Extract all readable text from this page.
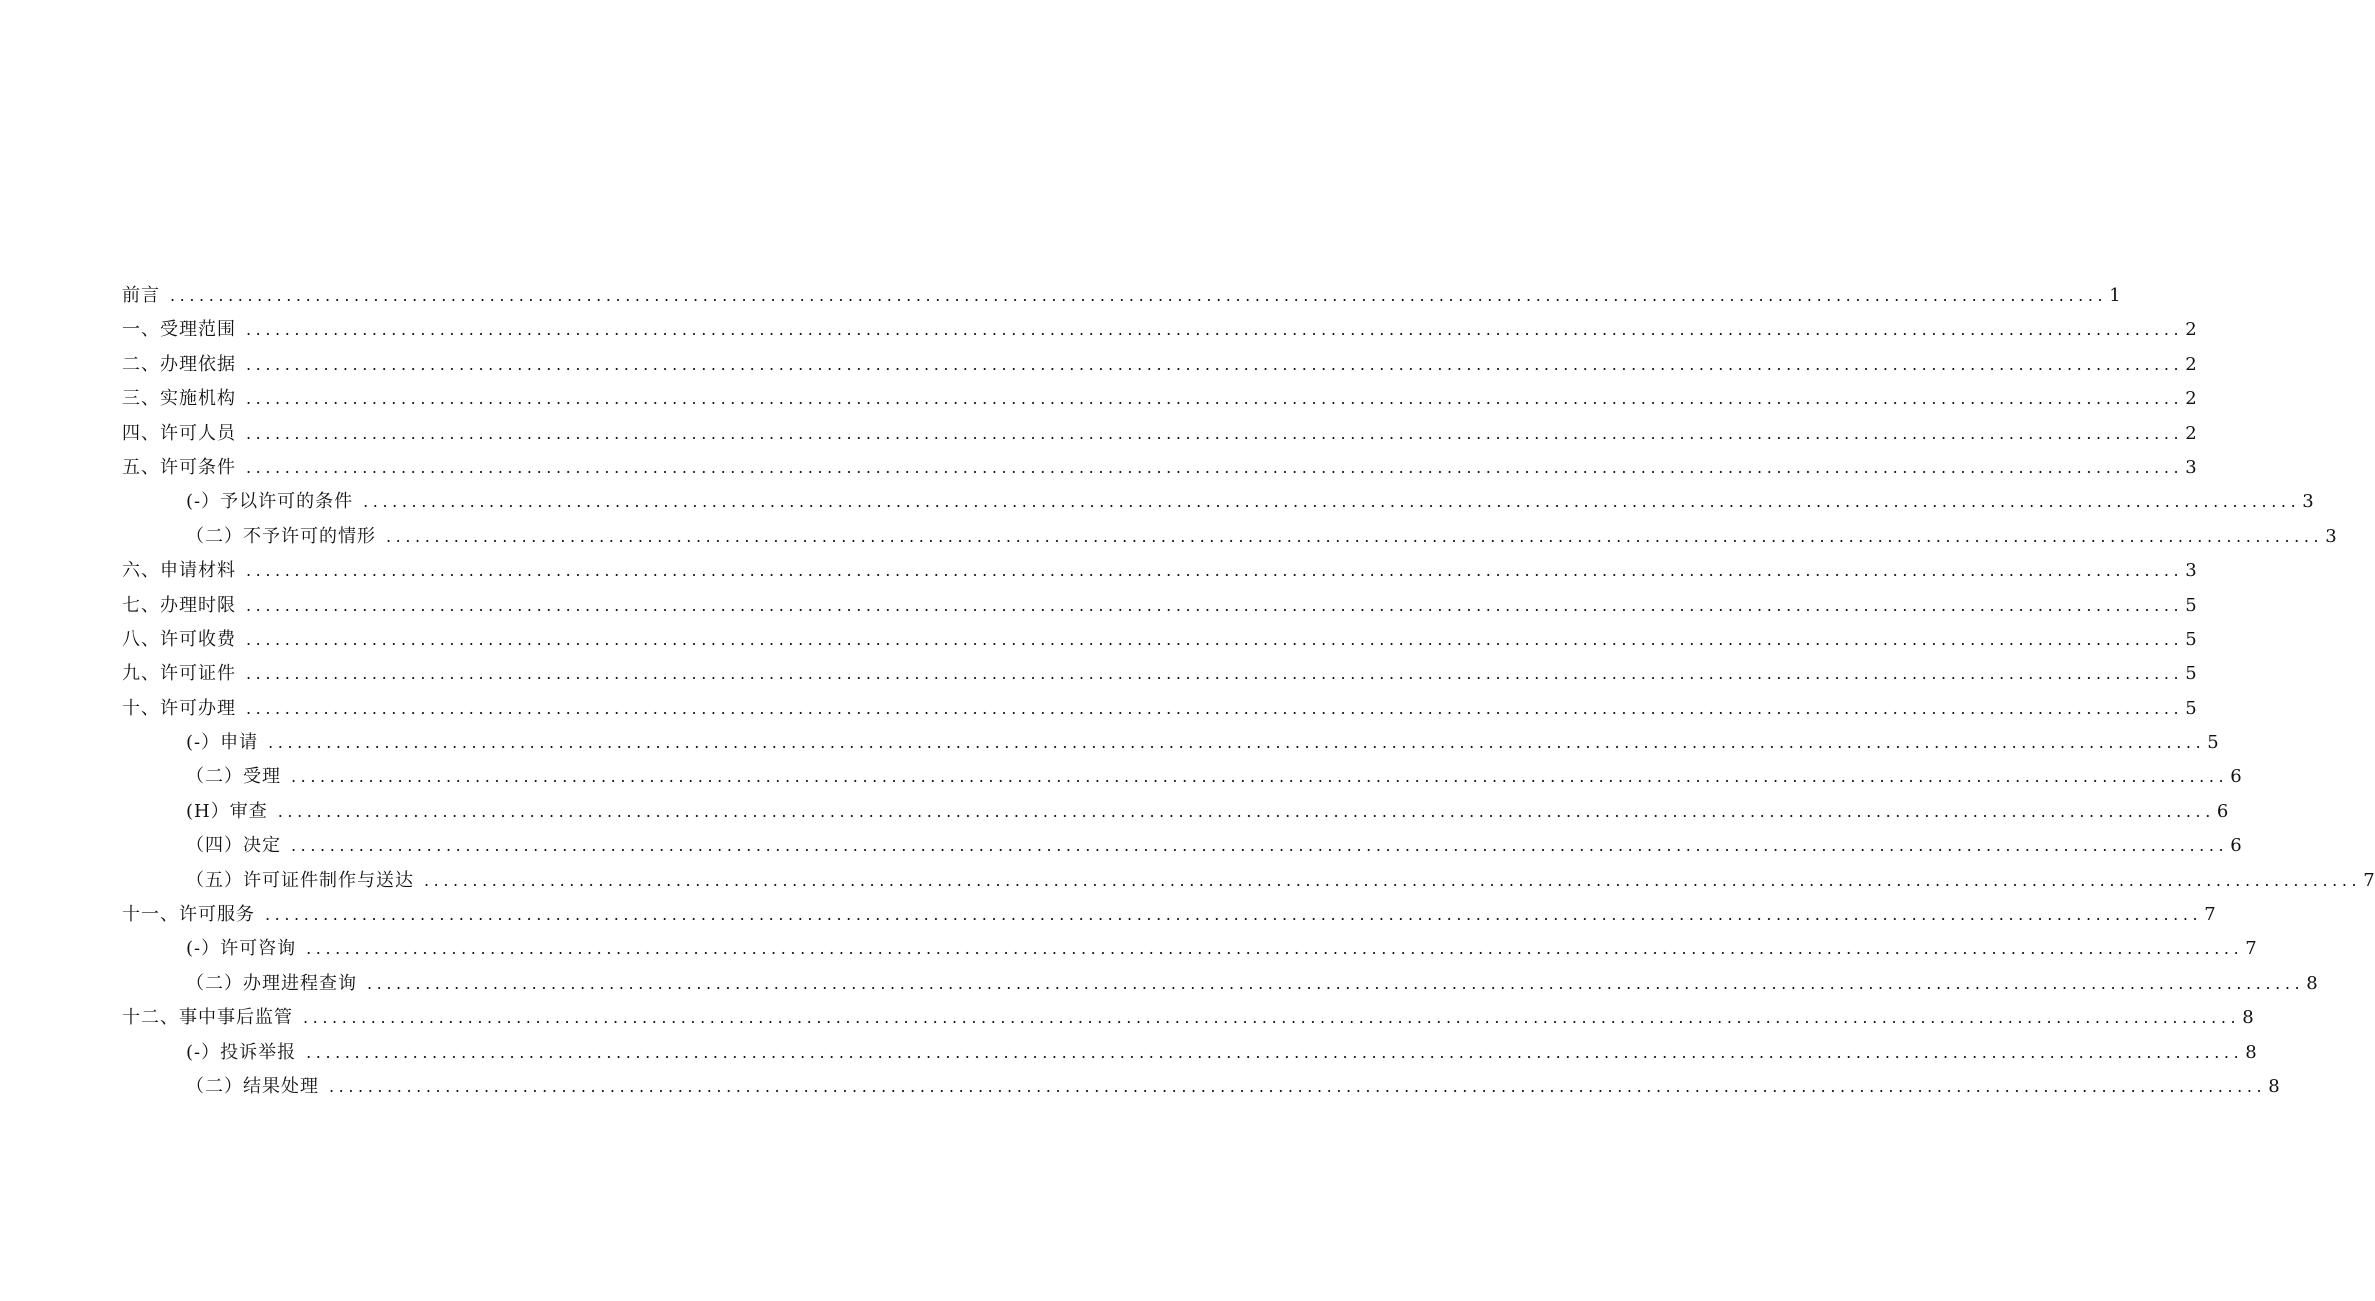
前言 ........................................................................................................................................................................................................ 1
一、受理范围 ........................................................................................................................................................................................................ 2
二、办理依据 ........................................................................................................................................................................................................ 2
三、实施机构 ........................................................................................................................................................................................................ 2
四、许可人员 ........................................................................................................................................................................................................ 2
五、许可条件 ........................................................................................................................................................................................................ 3
(-）予以许可的条件 ........................................................................................................................................................................................................ 3
（二）不予许可的情形 ........................................................................................................................................................................................................ 3
六、申请材料 ........................................................................................................................................................................................................ 3
七、办理时限 ........................................................................................................................................................................................................ 5
八、许可收费 ........................................................................................................................................................................................................ 5
九、许可证件 ........................................................................................................................................................................................................ 5
十、许可办理 ........................................................................................................................................................................................................ 5
(-）申请 ........................................................................................................................................................................................................ 5
（二）受理 ........................................................................................................................................................................................................ 6
(H）审查 ........................................................................................................................................................................................................ 6
（四）决定 ........................................................................................................................................................................................................ 6
（五）许可证件制作与送达 ........................................................................................................................................................................................................ 7
十一、许可服务 ........................................................................................................................................................................................................ 7
(-）许可咨询 ........................................................................................................................................................................................................ 7
（二）办理进程查询 ........................................................................................................................................................................................................ 8
十二、事中事后监管 ........................................................................................................................................................................................................ 8
(-）投诉举报 ........................................................................................................................................................................................................ 8
（二）结果处理 ........................................................................................................................................................................................................ 8
